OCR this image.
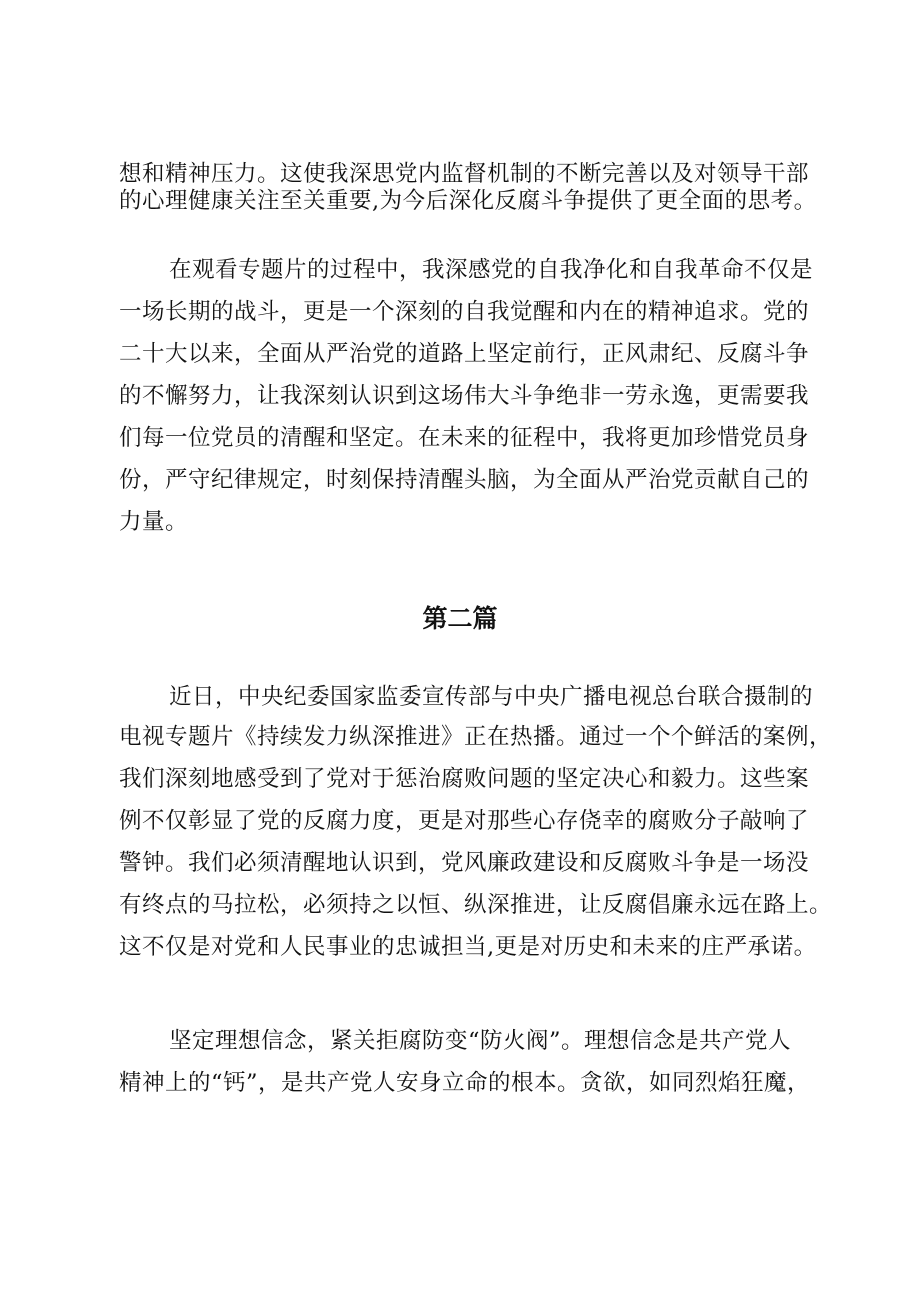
想和精神压力。这使我深思党内监督机制的不断完善以及对领导干部
的心理健康关注至关重要,为今后深化反腐斗争提供了更全面的思考。
在观看专题片的过程中，我深感党的自我净化和自我革命不仅是
一场长期的战斗，更是一个深刻的自我觉醒和内在的精神追求。党的
二十大以来，全面从严治党的道路上坚定前行，正风肃纪、反腐斗争
的不懈努力，让我深刻认识到这场伟大斗争绝非一劳永逸，更需要我
们每一位党员的清醒和坚定。在未来的征程中，我将更加珍惜党员身
份，严守纪律规定，时刻保持清醒头脑，为全面从严治党贡献自己的
力量。
第二篇
近日，中央纪委国家监委宣传部与中央广播电视总台联合摄制的
电视专题片《持续发力纵深推进》正在热播。通过一个个鲜活的案例，
我们深刻地感受到了党对于惩治腐败问题的坚定决心和毅力。这些案
例不仅彰显了党的反腐力度，更是对那些心存侥幸的腐败分子敲响了
警钟。我们必须清醒地认识到，党风廉政建设和反腐败斗争是一场没
有终点的马拉松，必须持之以恒、纵深推进，让反腐倡廉永远在路上。
这不仅是对党和人民事业的忠诚担当,更是对历史和未来的庄严承诺。
坚定理想信念，紧关拒腐防变“防火阀”。理想信念是共产党人
精神上的“钙”，是共产党人安身立命的根本。贪欲，如同烈焰狂魔，
